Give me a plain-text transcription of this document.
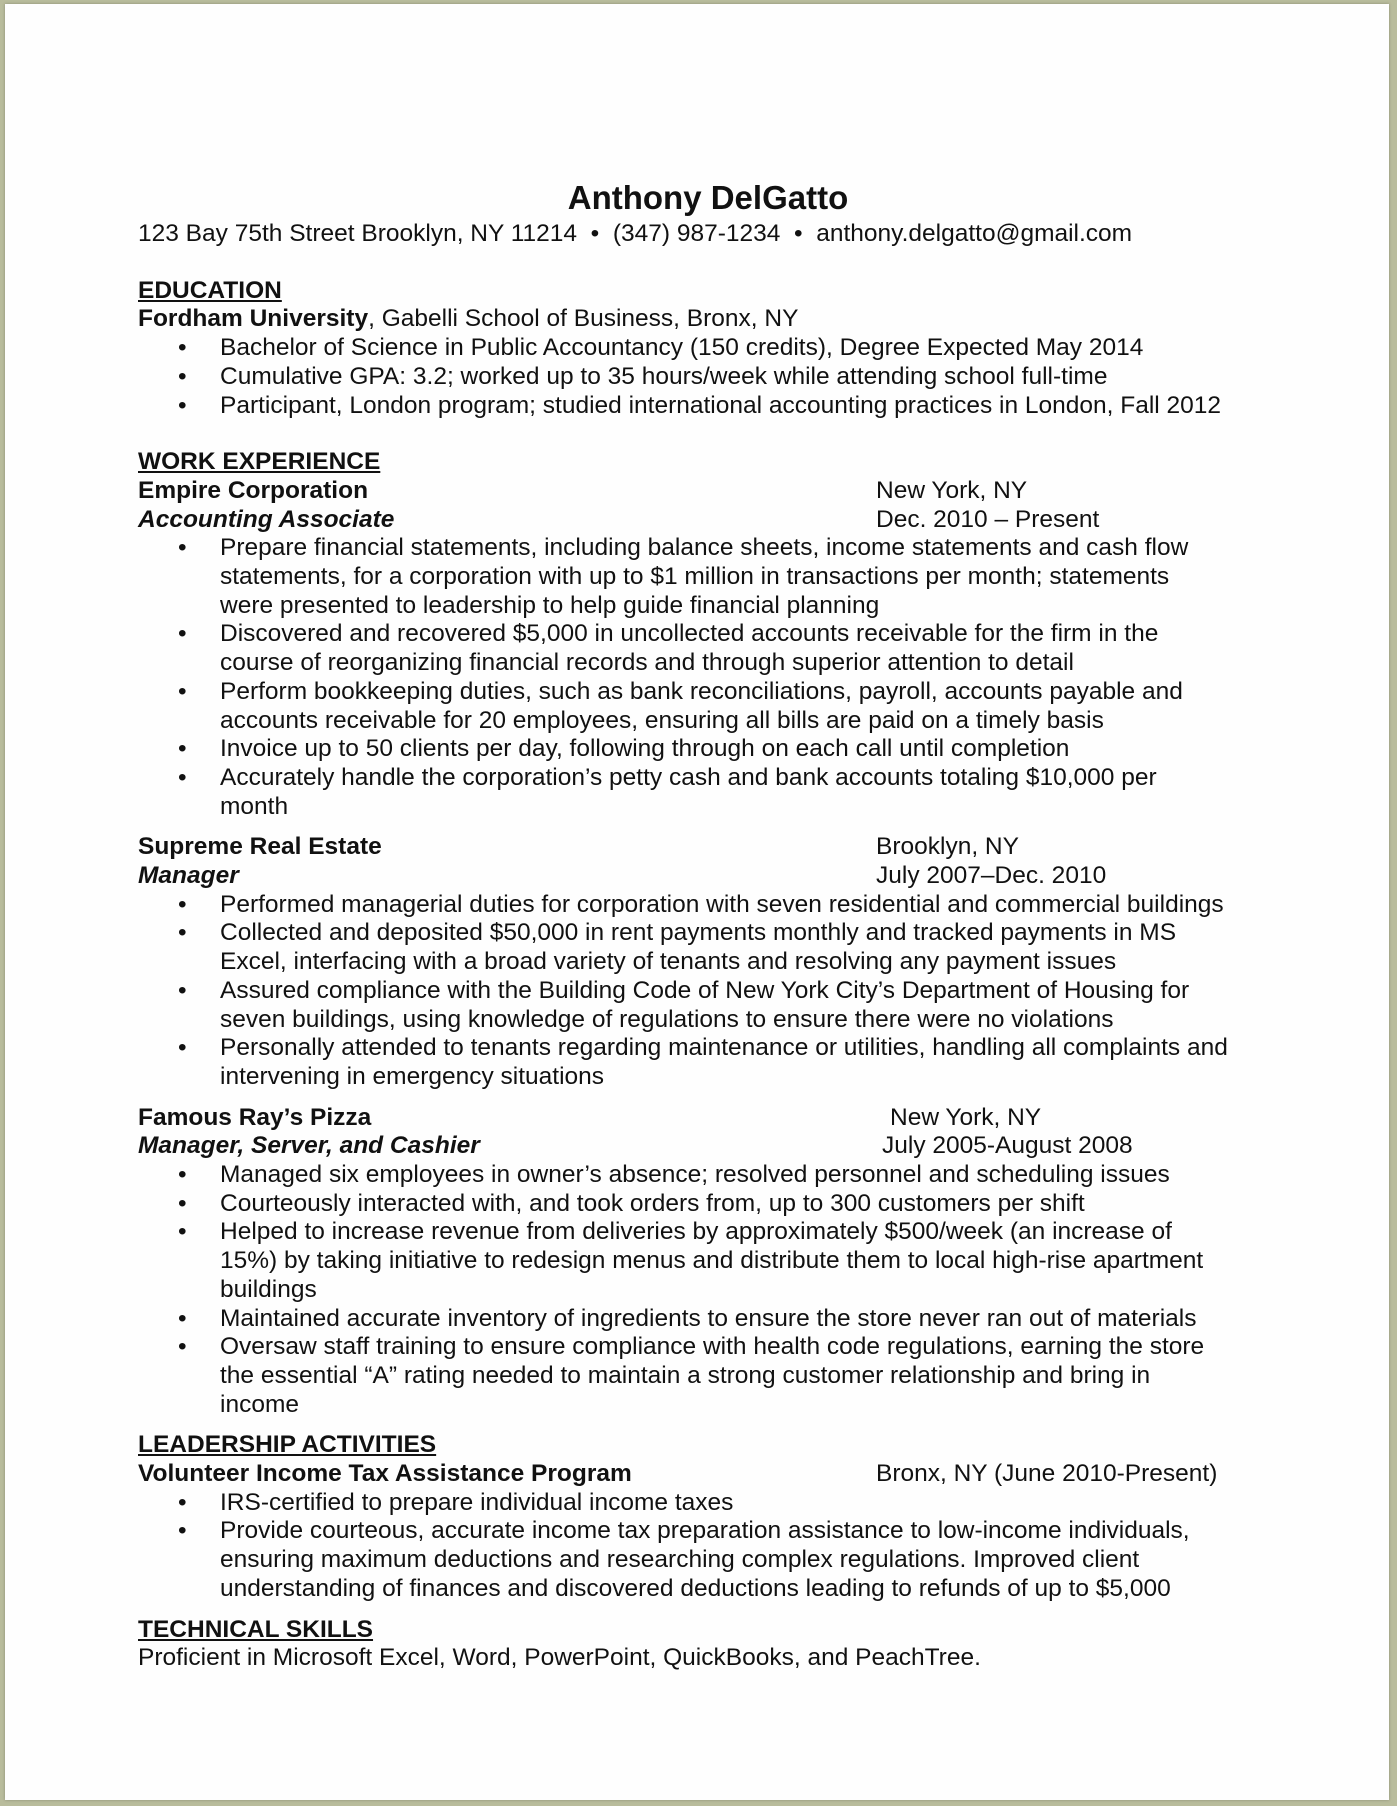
Anthony DelGatto
123 Bay 75th Street Brooklyn, NY 11214 • (347) 987-1234 • anthony.delgatto@gmail.com
EDUCATION
Fordham University, Gabelli School of Business, Bronx, NY
• Bachelor of Science in Public Accountancy (150 credits), Degree Expected May 2014
• Cumulative GPA: 3.2; worked up to 35 hours/week while attending school full-time
• Participant, London program; studied international accounting practices in London, Fall 2012
WORK EXPERIENCE
Empire Corporation	New York, NY
Accounting Associate	Dec. 2010 – Present
• Prepare financial statements, including balance sheets, income statements and cash flow statements, for a corporation with up to $1 million in transactions per month; statements were presented to leadership to help guide financial planning
• Discovered and recovered $5,000 in uncollected accounts receivable for the firm in the course of reorganizing financial records and through superior attention to detail
• Perform bookkeeping duties, such as bank reconciliations, payroll, accounts payable and accounts receivable for 20 employees, ensuring all bills are paid on a timely basis
• Invoice up to 50 clients per day, following through on each call until completion
• Accurately handle the corporation’s petty cash and bank accounts totaling $10,000 per month
Supreme Real Estate	Brooklyn, NY
Manager	July 2007–Dec. 2010
• Performed managerial duties for corporation with seven residential and commercial buildings
• Collected and deposited $50,000 in rent payments monthly and tracked payments in MS Excel, interfacing with a broad variety of tenants and resolving any payment issues
• Assured compliance with the Building Code of New York City’s Department of Housing for seven buildings, using knowledge of regulations to ensure there were no violations
• Personally attended to tenants regarding maintenance or utilities, handling all complaints and intervening in emergency situations
Famous Ray’s Pizza	New York, NY
Manager, Server, and Cashier	July 2005-August 2008
• Managed six employees in owner’s absence; resolved personnel and scheduling issues
• Courteously interacted with, and took orders from, up to 300 customers per shift
• Helped to increase revenue from deliveries by approximately $500/week (an increase of 15%) by taking initiative to redesign menus and distribute them to local high-rise apartment buildings
• Maintained accurate inventory of ingredients to ensure the store never ran out of materials
• Oversaw staff training to ensure compliance with health code regulations, earning the store the essential “A” rating needed to maintain a strong customer relationship and bring in income
LEADERSHIP ACTIVITIES
Volunteer Income Tax Assistance Program	Bronx, NY (June 2010-Present)
• IRS-certified to prepare individual income taxes
• Provide courteous, accurate income tax preparation assistance to low-income individuals, ensuring maximum deductions and researching complex regulations. Improved client understanding of finances and discovered deductions leading to refunds of up to $5,000
TECHNICAL SKILLS
Proficient in Microsoft Excel, Word, PowerPoint, QuickBooks, and PeachTree.
